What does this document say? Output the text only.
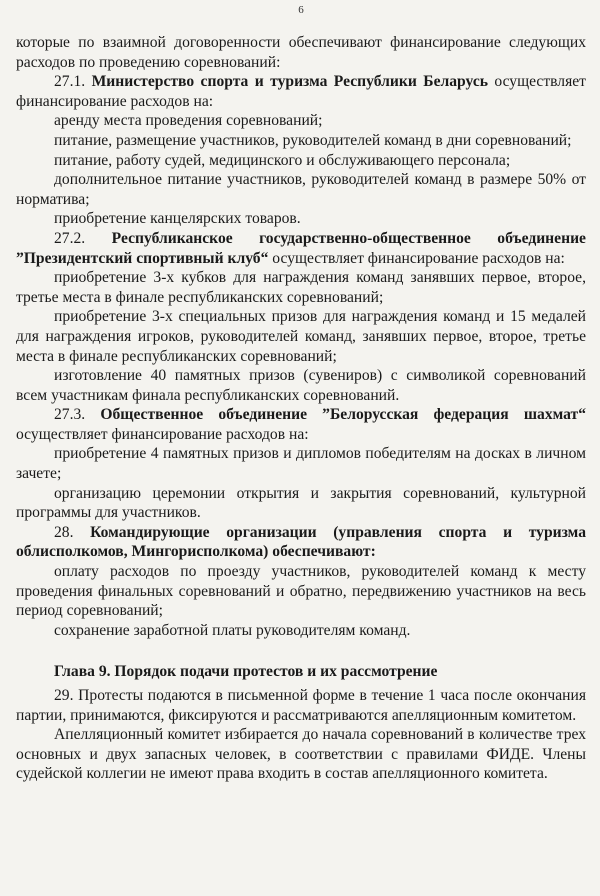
6

которые по взаимной договоренности обеспечивают финансирование следующих расходов по проведению соревнований:

27.1. Министерство спорта и туризма Республики Беларусь осуществляет финансирование расходов на:

аренду места проведения соревнований;

питание, размещение участников, руководителей команд в дни соревнований;

питание, работу судей, медицинского и обслуживающего персонала;

дополнительное питание участников, руководителей команд в размере 50% от норматива;

приобретение канцелярских товаров.

27.2. Республиканское государственно-общественное объединение ”Президентский спортивный клуб“ осуществляет финансирование расходов на:

приобретение 3-х кубков для награждения команд занявших первое, второе, третье места в финале республиканских соревнований;

приобретение 3-х специальных призов для награждения команд и 15 медалей для награждения игроков, руководителей команд, занявших первое, второе, третье места в финале республиканских соревнований;

изготовление 40 памятных призов (сувениров) с символикой соревнований всем участникам финала республиканских соревнований.

27.3. Общественное объединение ”Белорусская федерация шахмат“ осуществляет финансирование расходов на:

приобретение 4 памятных призов и дипломов победителям на досках в личном зачете;

организацию церемонии открытия и закрытия соревнований, культурной программы для участников.

28. Командирующие организации (управления спорта и туризма облисполкомов, Мингорисполкома) обеспечивают:

оплату расходов по проезду участников, руководителей команд к месту проведения финальных соревнований и обратно, передвижению участников на весь период соревнований;

сохранение заработной платы руководителям команд.

Глава 9. Порядок подачи протестов и их рассмотрение

29. Протесты подаются в письменной форме в течение 1 часа после окончания партии, принимаются, фиксируются и рассматриваются апелляционным комитетом.

Апелляционный комитет избирается до начала соревнований в количестве трех основных и двух запасных человек, в соответствии с правилами ФИДЕ. Члены судейской коллегии не имеют права входить в состав апелляционного комитета.
